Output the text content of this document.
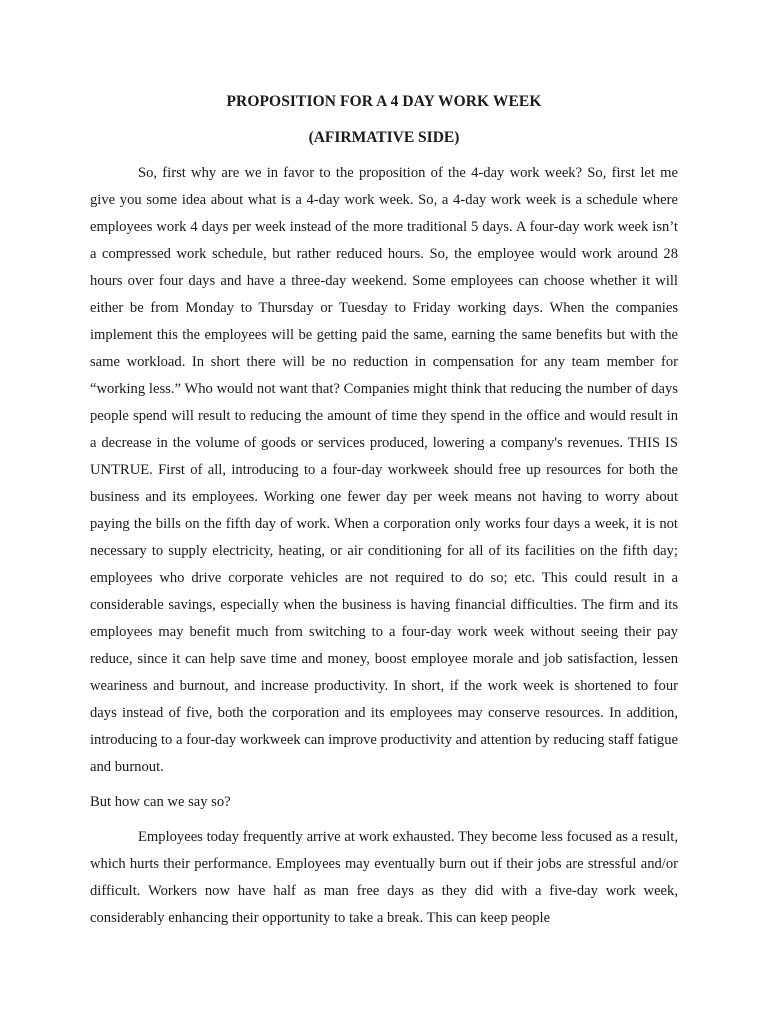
PROPOSITION FOR A 4 DAY WORK WEEK
(AFIRMATIVE SIDE)

So, first why are we in favor to the proposition of the 4-day work week? So, first let me give you some idea about what is a 4-day work week. So, a 4-day work week is a schedule where employees work 4 days per week instead of the more traditional 5 days. A four-day work week isn’t a compressed work schedule, but rather reduced hours. So, the employee would work around 28 hours over four days and have a three-day weekend. Some employees can choose whether it will either be from Monday to Thursday or Tuesday to Friday working days. When the companies implement this the employees will be getting paid the same, earning the same benefits but with the same workload. In short there will be no reduction in compensation for any team member for “working less.” Who would not want that? Companies might think that reducing the number of days people spend will result to reducing the amount of time they spend in the office and would result in a decrease in the volume of goods or services produced, lowering a company's revenues. THIS IS UNTRUE. First of all, introducing to a four-day workweek should free up resources for both the business and its employees. Working one fewer day per week means not having to worry about paying the bills on the fifth day of work. When a corporation only works four days a week, it is not necessary to supply electricity, heating, or air conditioning for all of its facilities on the fifth day; employees who drive corporate vehicles are not required to do so; etc. This could result in a considerable savings, especially when the business is having financial difficulties. The firm and its employees may benefit much from switching to a four-day work week without seeing their pay reduce, since it can help save time and money, boost employee morale and job satisfaction, lessen weariness and burnout, and increase productivity. In short, if the work week is shortened to four days instead of five, both the corporation and its employees may conserve resources. In addition, introducing to a four-day workweek can improve productivity and attention by reducing staff fatigue and burnout.

But how can we say so?

Employees today frequently arrive at work exhausted. They become less focused as a result, which hurts their performance. Employees may eventually burn out if their jobs are stressful and/or difficult. Workers now have half as man free days as they did with a five-day work week, considerably enhancing their opportunity to take a break. This can keep people
